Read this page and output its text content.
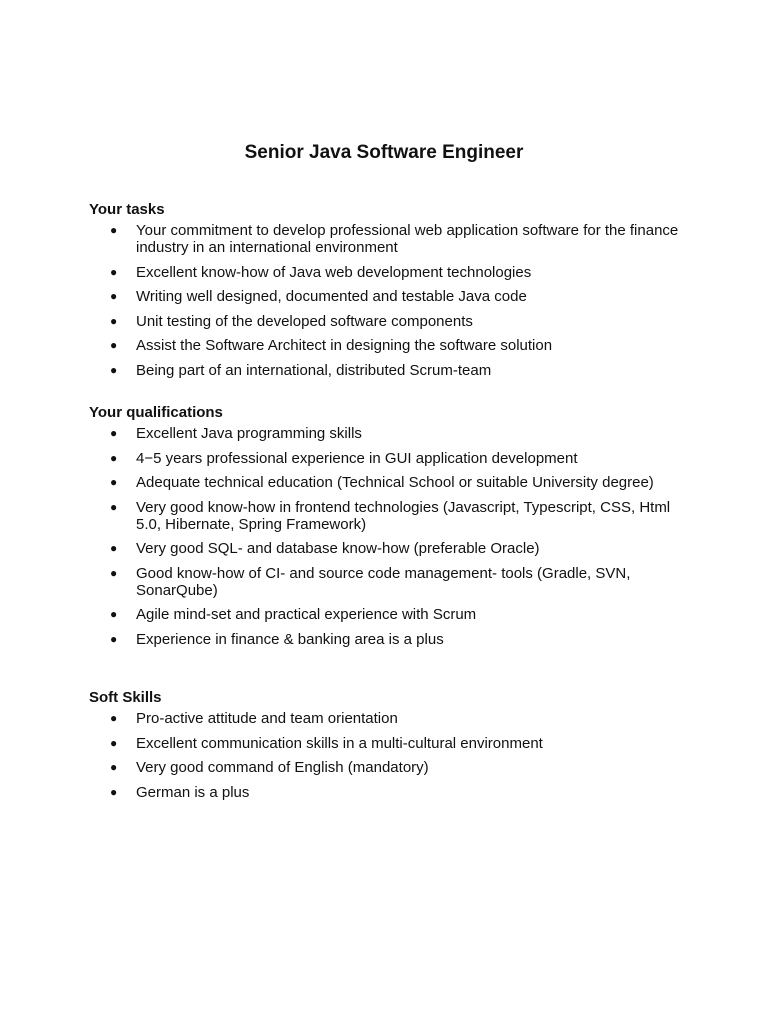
Senior Java Software Engineer
Your tasks
● Your commitment to develop professional web application software for the finance industry in an international environment
● Excellent know-how of Java web development technologies
● Writing well designed, documented and testable Java code
● Unit testing of the developed software components
● Assist the Software Architect in designing the software solution
● Being part of an international, distributed Scrum-team
Your qualifications
● Excellent Java programming skills
● 4−5 years professional experience in GUI application development
● Adequate technical education (Technical School or suitable University degree)
● Very good know-how in frontend technologies (Javascript, Typescript, CSS, Html 5.0, Hibernate, Spring Framework)
● Very good SQL- and database know-how (preferable Oracle)
● Good know-how of CI- and source code management- tools (Gradle, SVN, SonarQube)
● Agile mind-set and practical experience with Scrum
● Experience in finance & banking area is a plus
Soft Skills
● Pro-active attitude and team orientation
● Excellent communication skills in a multi-cultural environment
● Very good command of English (mandatory)
● German is a plus
